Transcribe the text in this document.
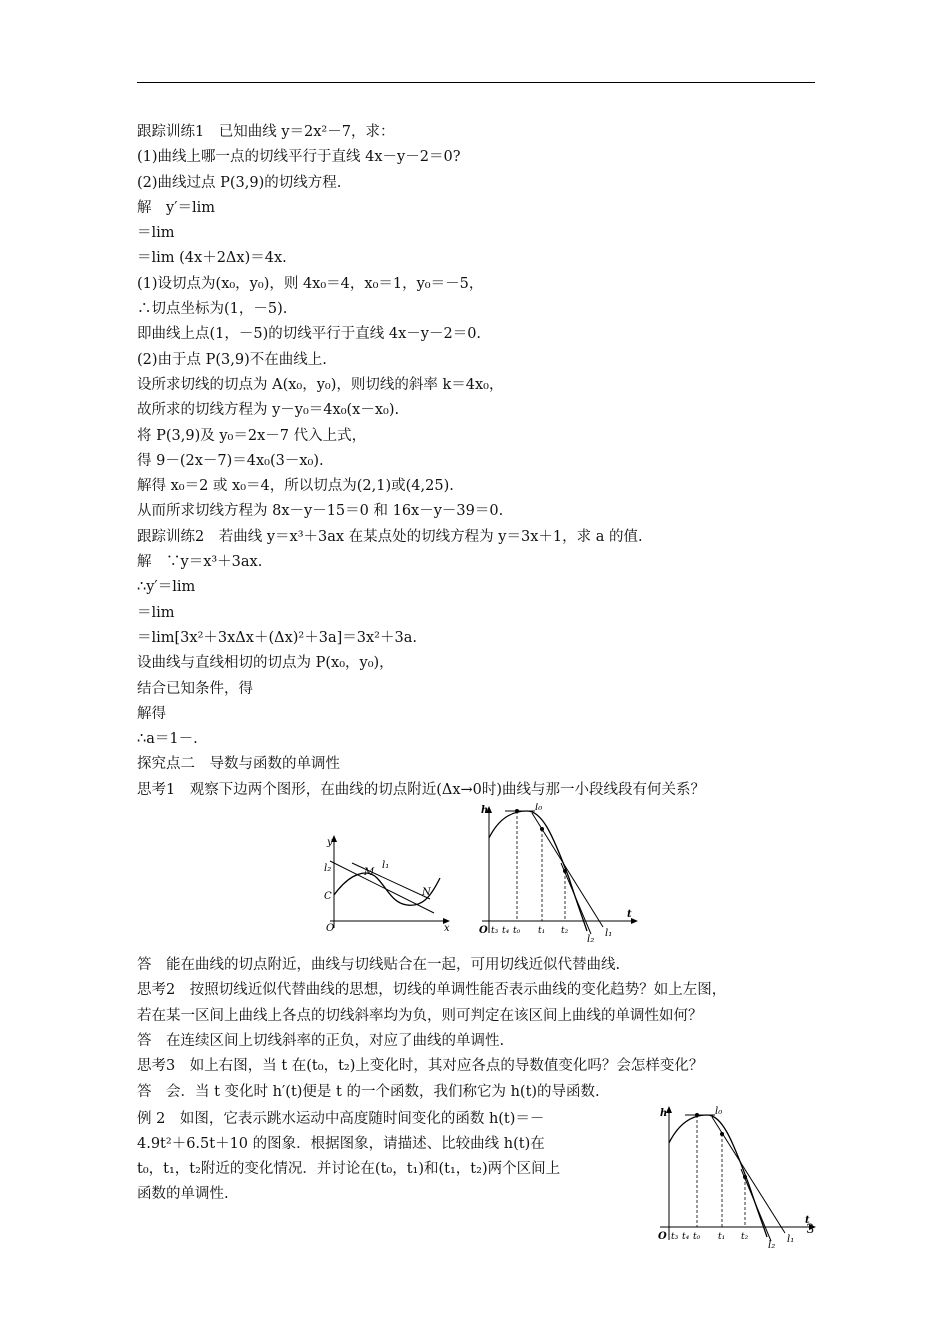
跟踪训练1　已知曲线 y＝2x²－7，求：
(1)曲线上哪一点的切线平行于直线 4x－y－2＝0?
(2)曲线过点 P(3,9)的切线方程.
解　y′＝lim
＝lim
＝lim (4x＋2Δx)＝4x.
(1)设切点为(x₀，y₀)，则 4x₀＝4，x₀＝1，y₀＝－5，
∴切点坐标为(1，－5).
即曲线上点(1，－5)的切线平行于直线 4x－y－2＝0.
(2)由于点 P(3,9)不在曲线上.
设所求切线的切点为 A(x₀，y₀)，则切线的斜率 k＝4x₀，
故所求的切线方程为 y－y₀＝4x₀(x－x₀).
将 P(3,9)及 y₀＝2x－7 代入上式，
得 9－(2x－7)＝4x₀(3－x₀).
解得 x₀＝2 或 x₀＝4，所以切点为(2,1)或(4,25).
从而所求切线方程为 8x－y－15＝0 和 16x－y－39＝0.
跟踪训练2　若曲线 y＝x³＋3ax 在某点处的切线方程为 y＝3x＋1，求 a 的值.
解　∵y＝x³＋3ax.
∴y′＝lim
＝lim
＝lim[3x²＋3xΔx＋(Δx)²＋3a]＝3x²＋3a.
设曲线与直线相切的切点为 P(x₀，y₀)，
结合已知条件，得
解得
∴a＝1－.
探究点二　导数与函数的单调性
思考1　观察下边两个图形，在曲线的切点附近(Δx→0时)曲线与那一小段线段有何关系？
y
x
O
C
M
N
l₁
l₂
h
t
O t₃ t₄ t₀ t₁ t₂
l₀
l₁
l₂
答　能在曲线的切点附近，曲线与切线贴合在一起，可用切线近似代替曲线.
思考2　按照切线近似代替曲线的思想，切线的单调性能否表示曲线的变化趋势？如上左图，
若在某一区间上曲线上各点的切线斜率均为负，则可判定在该区间上曲线的单调性如何？
答　在连续区间上切线斜率的正负，对应了曲线的单调性.
思考3　如上右图，当 t 在(t₀，t₂)上变化时，其对应各点的导数值变化吗？会怎样变化？
答　会．当 t 变化时 h′(t)便是 t 的一个函数，我们称它为 h(t)的导函数.
例 2　如图，它表示跳水运动中高度随时间变化的函数 h(t)＝－
4.9t²＋6.5t＋10 的图象．根据图象，请描述、比较曲线 h(t)在
t₀，t₁，t₂附近的变化情况．并讨论在(t₀，t₁)和(t₁，t₂)两个区间上
函数的单调性.
h
t
O t₃ t₄ t₀ t₁ t₂
l₀
l₁
l₂
3
